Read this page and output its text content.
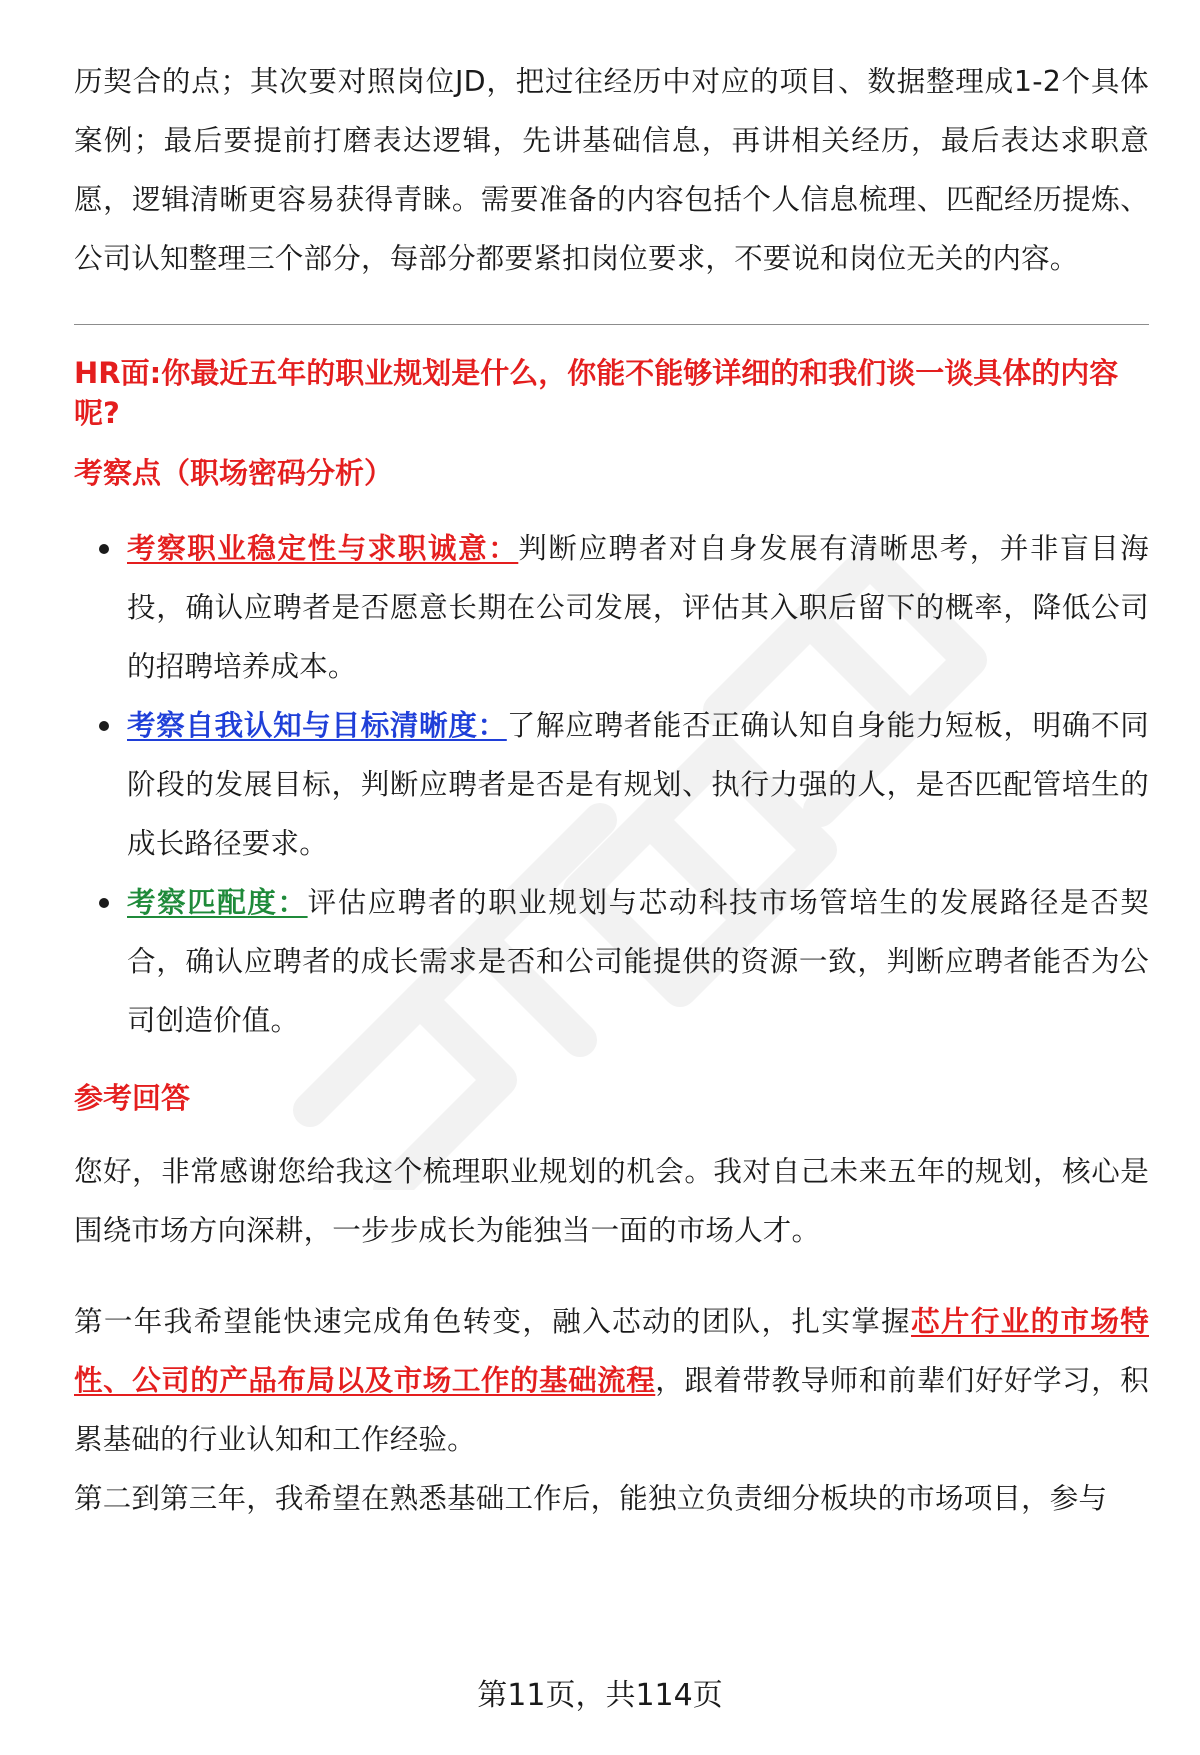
历契合的点；其次要对照岗位JD，把过往经历中对应的项目、数据整理成1-2个具体案例；最后要提前打磨表达逻辑，先讲基础信息，再讲相关经历，最后表达求职意愿，逻辑清晰更容易获得青睐。需要准备的内容包括个人信息梳理、匹配经历提炼、公司认知整理三个部分，每部分都要紧扣岗位要求，不要说和岗位无关的内容。

HR面:你最近五年的职业规划是什么，你能不能够详细的和我们谈一谈具体的内容呢?
考察点（职场密码分析）
考察职业稳定性与求职诚意：判断应聘者对自身发展有清晰思考，并非盲目海投，确认应聘者是否愿意长期在公司发展，评估其入职后留下的概率，降低公司的招聘培养成本。
考察自我认知与目标清晰度：了解应聘者能否正确认知自身能力短板，明确不同阶段的发展目标，判断应聘者是否是有规划、执行力强的人，是否匹配管培生的成长路径要求。
考察匹配度：评估应聘者的职业规划与芯动科技市场管培生的发展路径是否契合，确认应聘者的成长需求是否和公司能提供的资源一致，判断应聘者能否为公司创造价值。
参考回答

您好，非常感谢您给我这个梳理职业规划的机会。我对自己未来五年的规划，核心是围绕市场方向深耕，一步步成长为能独当一面的市场人才。

第一年我希望能快速完成角色转变，融入芯动的团队，扎实掌握芯片行业的市场特性、公司的产品布局以及市场工作的基础流程，跟着带教导师和前辈们好好学习，积累基础的行业认知和工作经验。

第二到第三年，我希望在熟悉基础工作后，能独立负责细分板块的市场项目，参与

第11页，共114页
